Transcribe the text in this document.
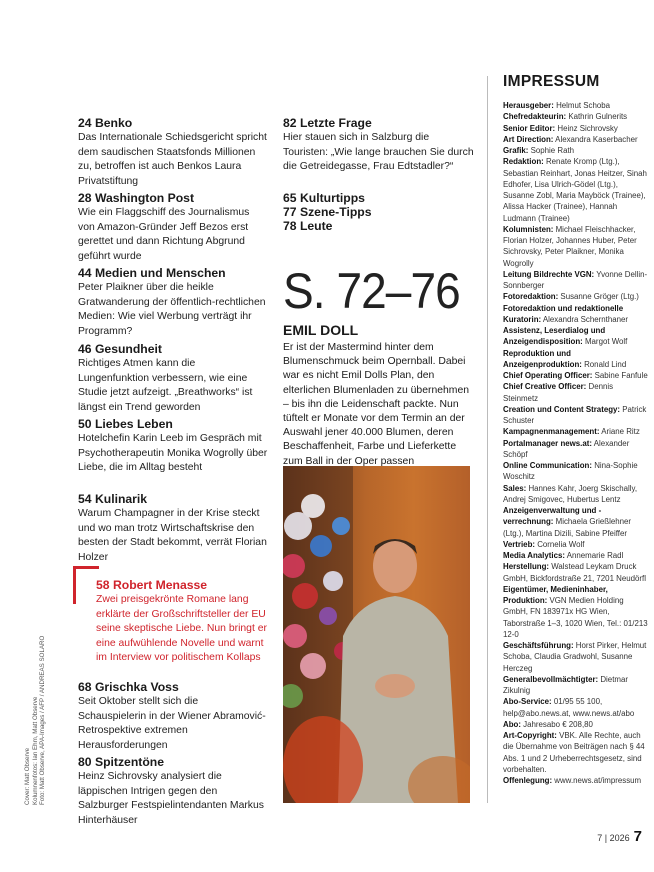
24 Benko

Das Internationale Schiedsgericht spricht dem saudischen Staatsfonds Millionen zu, betroffen ist auch Benkos Laura Privatstiftung

28 Washington Post

Wie ein Flaggschiff des Journalismus von Amazon-Gründer Jeff Bezos erst gerettet und dann Richtung Abgrund geführt wurde

44 Medien und Menschen

Peter Plaikner über die heikle Gratwanderung der öffentlich-rechtlichen Medien: Wie viel Werbung verträgt ihr Programm?

46 Gesundheit

Richtiges Atmen kann die Lungenfunktion verbessern, wie eine Studie jetzt aufzeigt. „Breathworks“ ist längst ein Trend geworden

50 Liebes Leben

Hotelchefin Karin Leeb im Gespräch mit Psychotherapeutin Monika Wogrolly über Liebe, die im Alltag besteht

54 Kulinarik

Warum Champagner in der Krise steckt und wo man trotz Wirtschaftskrise den besten der Stadt bekommt, verrät Florian Holzer

58 Robert Menasse

Zwei preisgekrönte Romane lang erklärte der Großschriftsteller der EU seine skeptische Liebe. Nun bringt er eine aufwühlende Novelle und warnt im Interview vor politischem Kollaps

68 Grischka Voss

Seit Oktober stellt sich die Schauspielerin in der Wiener Abramović-Retrospektive extremen Herausforderungen

80 Spitzentöne

Heinz Sichrovsky analysiert die läppischen Intrigen gegen den Salzburger Festspielintendanten Markus Hinterhäuser

82 Letzte Frage

Hier stauen sich in Salzburg die Touristen: „Wie lange brauchen Sie durch die Getreidegasse, Frau Edtstadler?“

65 Kulturtipps
77 Szene-Tipps
78 Leute
S. 72–76
EMIL DOLL

Er ist der Mastermind hinter dem Blumenschmuck beim Opernball. Dabei war es nicht Emil Dolls Plan, den elterlichen Blumenladen zu übernehmen – bis ihn die Leidenschaft packte. Nun tüftelt er Monate vor dem Termin an der Auswahl jener 40.000 Blumen, deren Beschaffenheit, Farbe und Lieferkette zum Ball in der Oper passen

IMPRESSUM
Herausgeber: Helmut Schoba
Chefredakteurin: Kathrin Gulnerits
Senior Editor: Heinz Sichrovsky
Art Direction: Alexandra Kaserbacher
Grafik: Sophie Rath
Redaktion: Renate Kromp (Ltg.), Sebastian Reinhart, Jonas Heitzer, Sinah Edhofer, Lisa Ulrich-Gödel (Ltg.), Susanne Zobl, Maria Mayböck (Trainee), Alissa Hacker (Trainee), Hannah Ludmann (Trainee)
Kolumnisten: Michael Fleischhacker, Florian Holzer, Johannes Huber, Peter Sichrovsky, Peter Plaikner, Monika Wogrolly
Leitung Bildrechte VGN: Yvonne Dellin-Sonnberger
Fotoredaktion: Susanne Gröger (Ltg.)
Fotoredaktion und redaktionelle Kuratorin: Alexandra Schernthaner
Assistenz, Leserdialog und Anzeigendisposition: Margot Wolf
Reproduktion und Anzeigenproduktion: Ronald Lind
Chief Operating Officer: Sabine Fanfule
Chief Creative Officer: Dennis Steinmetz
Creation und Content Strategy: Patrick Schuster
Kampagnenmanagement: Ariane Ritz
Portalmanager news.at: Alexander Schöpf
Online Communication: Nina-Sophie Woschitz
Sales: Hannes Kahr, Joerg Skischally, Andrej Smigovec, Hubertus Lentz
Anzeigenverwaltung und -verrechnung: Michaela Grießlehner (Ltg.), Martina Dizili, Sabine Pfeiffer
Vertrieb: Cornelia Wolf
Media Analytics: Annemarie Radl
Herstellung: Walstead Leykam Druck GmbH, Bickfordstraße 21, 7201 Neudörfl
Eigentümer, Medieninhaber, Produktion: VGN Medien Holding GmbH, FN 183971x HG Wien, Taborstraße 1–3, 1020 Wien, Tel.: 01/213 12-0
Geschäftsführung: Horst Pirker, Helmut Schoba, Claudia Gradwohl, Susanne Herczeg
Generalbevollmächtigter: Dietmar Zikulnig
Abo-Service: 01/95 55 100, help@abo.news.at, www.news.at/abo
Abo: Jahresabo € 208,80
Art-Copyright: VBK. Alle Rechte, auch die Übernahme von Beiträgen nach § 44 Abs. 1 und 2 Urheberrechtsgesetz, sind vorbehalten.
Offenlegung: www.news.at/impressum
Cover: Matt Observe Kolumnenfotos: Ian Ehm, Matt Observe Foto: Matt Observe, APA-Images / AFP / ANDREAS SOLARO
7 | 2026 7
